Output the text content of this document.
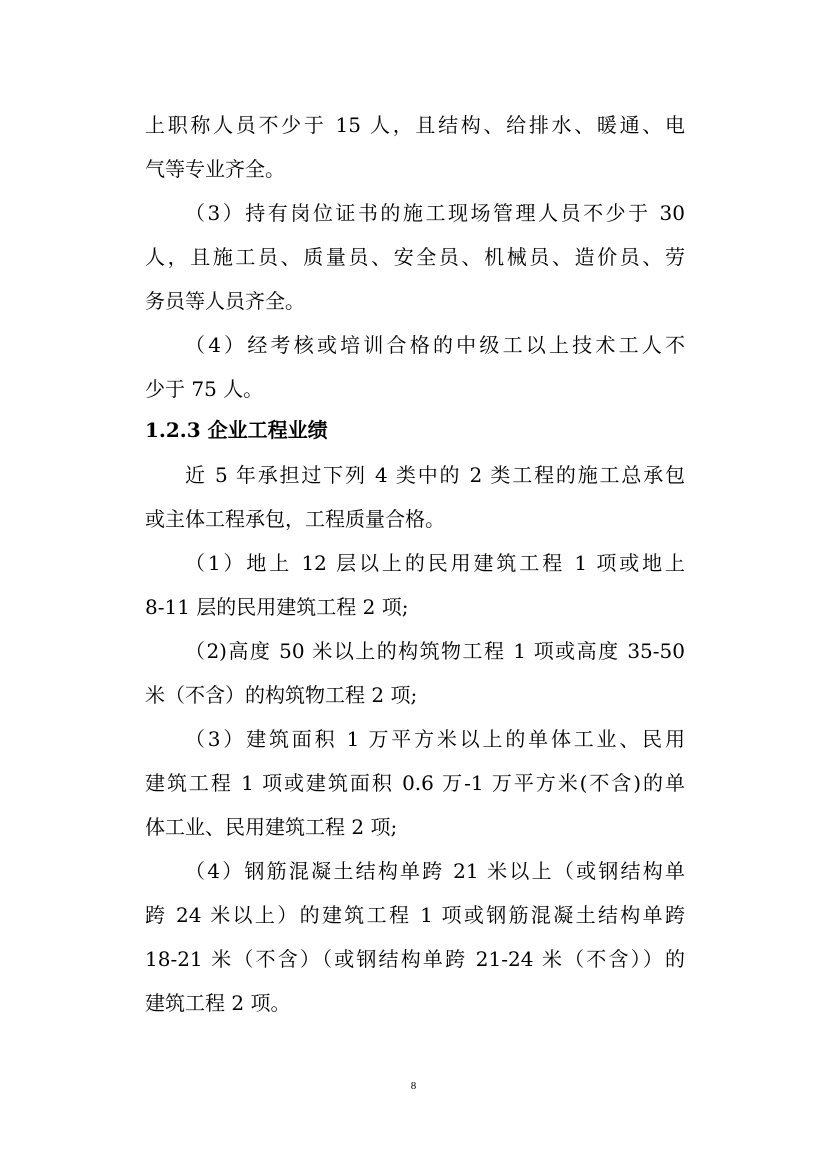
上职称人员不少于 15 人，且结构、给排水、暖通、电
气等专业齐全。
（3）持有岗位证书的施工现场管理人员不少于 30
人，且施工员、质量员、安全员、机械员、造价员、劳
务员等人员齐全。
（4）经考核或培训合格的中级工以上技术工人不
少于 75 人。
1.2.3 企业工程业绩
近 5 年承担过下列 4 类中的 2 类工程的施工总承包
或主体工程承包，工程质量合格。
（1）地上 12 层以上的民用建筑工程 1 项或地上
8-11 层的民用建筑工程 2 项;
（2)高度 50 米以上的构筑物工程 1 项或高度 35-50
米（不含）的构筑物工程 2 项;
（3）建筑面积 1 万平方米以上的单体工业、民用
建筑工程 1 项或建筑面积 0.6 万-1 万平方米(不含)的单
体工业、民用建筑工程 2 项;
（4）钢筋混凝土结构单跨 21 米以上（或钢结构单
跨 24 米以上）的建筑工程 1 项或钢筋混凝土结构单跨
18-21 米（不含）（或钢结构单跨 21-24 米（不含））的
建筑工程 2 项。
8
